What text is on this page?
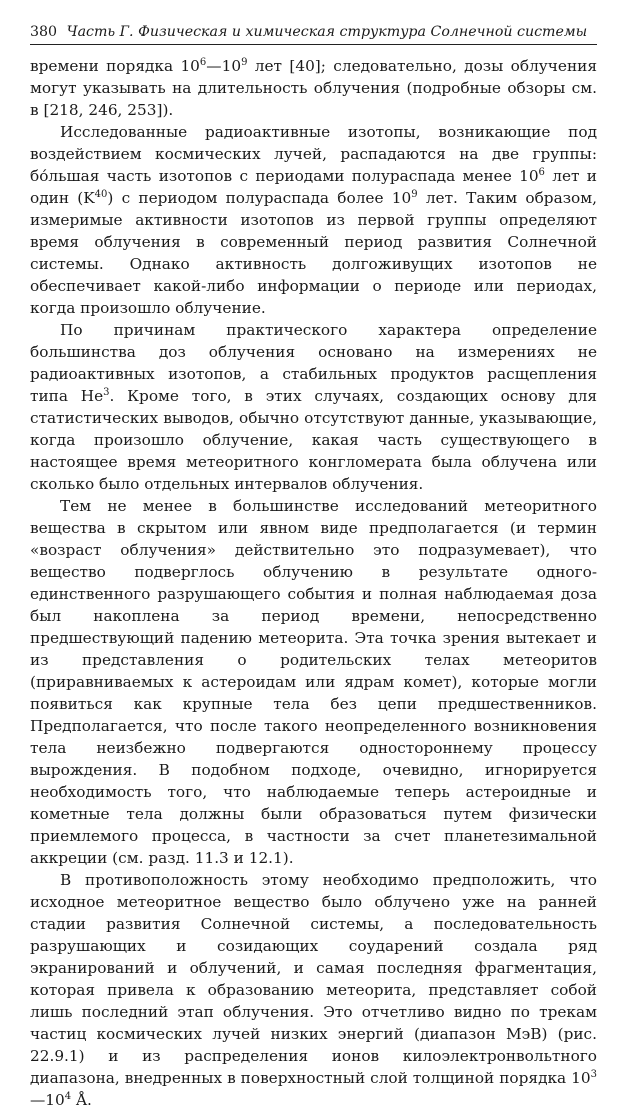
380 Часть Г. Физическая и химическая структура Солнечной системы

времени порядка $10^6—10^9$ лет [40]; следовательно, дозы облучения могут указывать на длительность облучения (подробные обзоры см. в [218, 246, 253]).

Исследованные радиоактивные изотопы, возникающие под воздействием космических лучей, распадаются на две группы: бо́льшая часть изотопов с периодами полураспада менее $10^6$ лет и один $(K^{40})$ с периодом полураспада более $10^9$ лет. Таким образом, измеримые активности изотопов из первой группы определяют время облучения в современный период развития Солнечной системы. Однако активность долгоживущих изотопов не обеспечивает какой-либо информации о периоде или периодах, когда произошло облучение.

По причинам практического характера определение большинства доз облучения основано на измерениях не радиоактивных изотопов, а стабильных продуктов расщепления типа He$^3$. Кроме того, в этих случаях, создающих основу для статистических выводов, обычно отсутствуют данные, указывающие, когда произошло облучение, какая часть существующего в настоящее время метеоритного конгломерата была облучена или сколько было отдельных интервалов облучения.

Тем не менее в большинстве исследований метеоритного вещества в скрытом или явном виде предполагается (и термин «возраст облучения» действительно это подразумевает), что вещество подверглось облучению в результате одного-единственного разрушающего события и полная наблюдаемая доза был накоплена за период времени, непосредственно предшествующий падению метеорита. Эта точка зрения вытекает и из представления о родительских телах метеоритов (приравниваемых к астероидам или ядрам комет), которые могли появиться как крупные тела без цепи предшественников. Предполагается, что после такого неопределенного возникновения тела неизбежно подвергаются одностороннему процессу вырождения. В подобном подходе, очевидно, игнорируется необходимость того, что наблюдаемые теперь астероидные и кометные тела должны были образоваться путем физически приемлемого процесса, в частности за счет планетезимальной аккреции (см. разд. 11.3 и 12.1).

В противоположность этому необходимо предположить, что исходное метеоритное вещество было облучено уже на ранней стадии развития Солнечной системы, а последовательность разрушающих и созидающих соударений создала ряд экранирований и облучений, и самая последняя фрагментация, которая привела к образованию метеорита, представляет собой лишь последний этап облучения. Это отчетливо видно по трекам частиц космических лучей низких энергий (диапазон МэВ) (рис. 22.9.1) и из распределения ионов килоэлектронвольтного диапазона, внедренных в поверхностный слой толщиной порядка $10^3—10^4$ Å.
